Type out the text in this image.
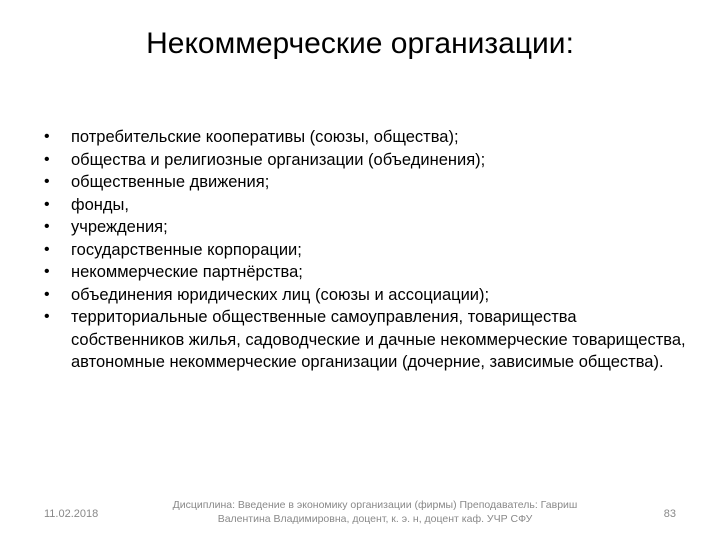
Некоммерческие организации:
•	потребительские кооперативы (союзы, общества);
•	общества и религиозные организации (объединения);
•	общественные движения;
•	фонды,
•	учреждения;
•	государственные корпорации;
•	некоммерческие партнёрства;
•	объединения юридических лиц (союзы и ассоциации);
•	территориальные общественные самоуправления, товарищества собственников жилья, садоводческие и дачные некоммерческие товарищества, автономные некоммерческие организации (дочерние, зависимые общества).
11.02.2018
Дисциплина: Введение в экономику организации (фирмы) Преподаватель: Гавриш
Валентина Владимировна, доцент, к. э. н, доцент каф. УЧР СФУ	83
